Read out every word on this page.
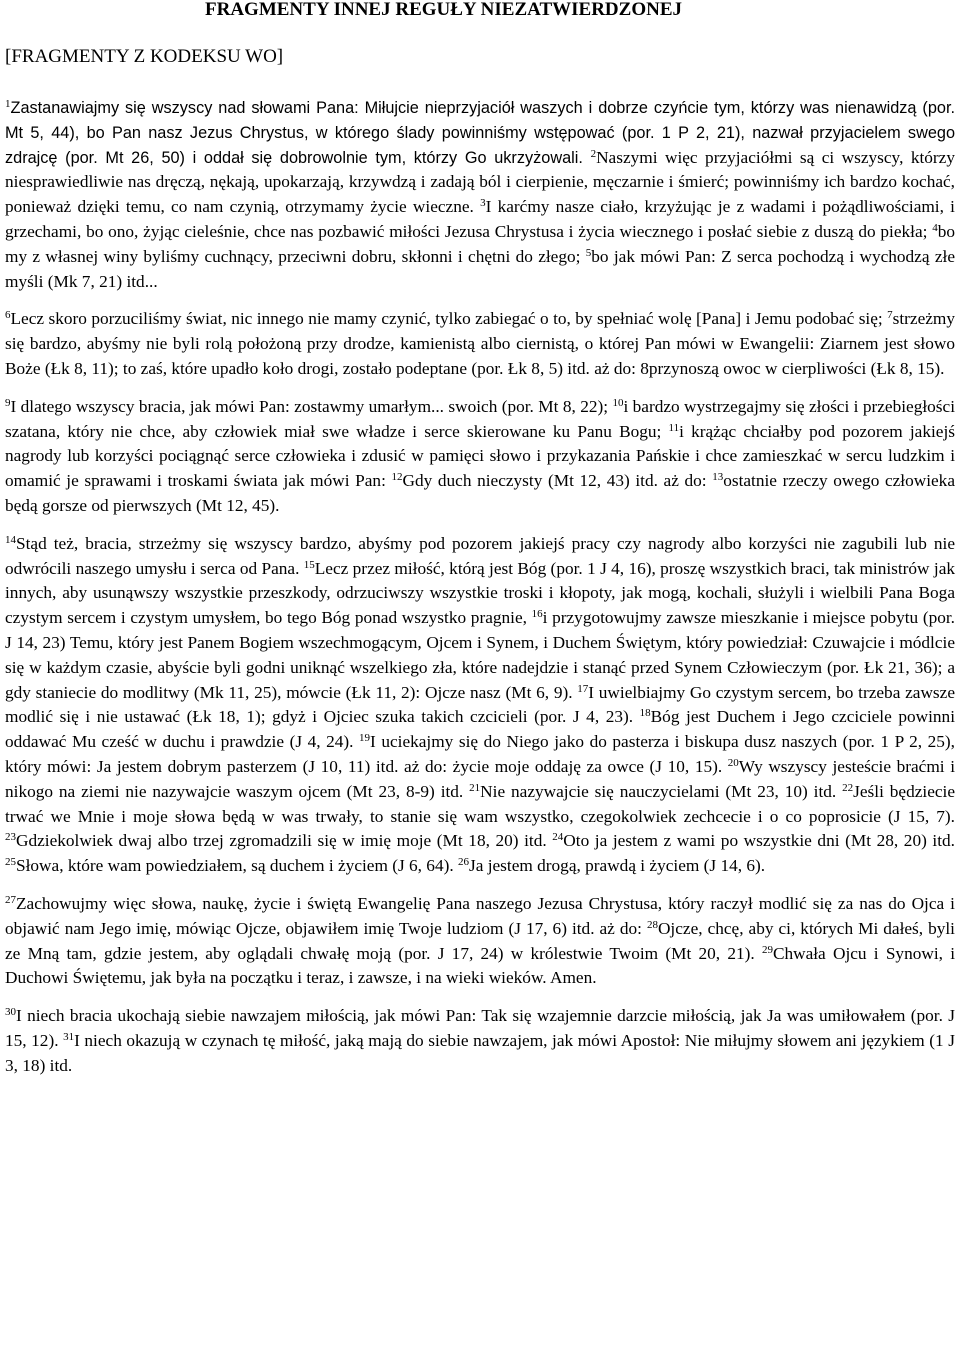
FRAGMENTY INNEJ REGUŁY NIEZATWIERDZONEJ
[FRAGMENTY Z KODEKSU WO]

$^1$Zastanawiajmy się wszyscy nad słowami Pana: Miłujcie nieprzyjaciół waszych i dobrze czyńcie tym, którzy was nienawidzą (por. Mt 5, 44), bo Pan nasz Jezus Chrystus, w którego ślady powinniśmy wstępować (por. 1 P 2, 21), nazwał przyjacielem swego zdrajcę (por. Mt 26, 50) i oddał się dobrowolnie tym, którzy Go ukrzyżowali. $^2$Naszymi więc przyjaciółmi są ci wszyscy, którzy niesprawiedliwie nas dręczą, nękają, upokarzają, krzywdzą i zadają ból i cierpienie, męczarnie i śmierć; powinniśmy ich bardzo kochać, ponieważ dzięki temu, co nam czynią, otrzymamy życie wieczne. $^3$I karćmy nasze ciało, krzyżując je z wadami i pożądliwościami, i grzechami, bo ono, żyjąc cieleśnie, chce nas pozbawić miłości Jezusa Chrystusa i życia wiecznego i posłać siebie z duszą do piekła; $^4$bo my z własnej winy byliśmy cuchnący, przeciwni dobru, skłonni i chętni do złego; $^5$bo jak mówi Pan: Z serca pochodzą i wychodzą złe myśli (Mk 7, 21) itd...

$^6$Lecz skoro porzuciliśmy świat, nic innego nie mamy czynić, tylko zabiegać o to, by spełniać wolę [Pana] i Jemu podobać się; $^7$strzeżmy się bardzo, abyśmy nie byli rolą położoną przy drodze, kamienistą albo ciernistą, o której Pan mówi w Ewangelii: Ziarnem jest słowo Boże (Łk 8, 11); to zaś, które upadło koło drogi, zostało podeptane (por. Łk 8, 5) itd. aż do: 8przynoszą owoc w cierpliwości (Łk 8, 15).

$^9$I dlatego wszyscy bracia, jak mówi Pan: zostawmy umarłym... swoich (por. Mt 8, 22); $^{10}$i bardzo wystrzegajmy się złości i przebiegłości szatana, który nie chce, aby człowiek miał swe władze i serce skierowane ku Panu Bogu; $^{11}$i krążąc chciałby pod pozorem jakiejś nagrody lub korzyści pociągnąć serce człowieka i zdusić w pamięci słowo i przykazania Pańskie i chce zamieszkać w sercu ludzkim i omamić je sprawami i troskami świata jak mówi Pan: $^{12}$Gdy duch nieczysty (Mt 12, 43) itd. aż do: $^{13}$ostatnie rzeczy owego człowieka będą gorsze od pierwszych (Mt 12, 45).

$^{14}$Stąd też, bracia, strzeżmy się wszyscy bardzo, abyśmy pod pozorem jakiejś pracy czy nagrody albo korzyści nie zagubili lub nie odwrócili naszego umysłu i serca od Pana. $^{15}$Lecz przez miłość, którą jest Bóg (por. 1 J 4, 16), proszę wszystkich braci, tak ministrów jak innych, aby usunąwszy wszystkie przeszkody, odrzuciwszy wszystkie troski i kłopoty, jak mogą, kochali, służyli i wielbili Pana Boga czystym sercem i czystym umysłem, bo tego Bóg ponad wszystko pragnie, $^{16}$i przygotowujmy zawsze mieszkanie i miejsce pobytu (por. J 14, 23) Temu, który jest Panem Bogiem wszechmogącym, Ojcem i Synem, i Duchem Świętym, który powiedział: Czuwajcie i módlcie się w każdym czasie, abyście byli godni uniknąć wszelkiego zła, które nadejdzie i stanąć przed Synem Człowieczym (por. Łk 21, 36); a gdy staniecie do modlitwy (Mk 11, 25), mówcie (Łk 11, 2): Ojcze nasz (Mt 6, 9). $^{17}$I uwielbiajmy Go czystym sercem, bo trzeba zawsze modlić się i nie ustawać (Łk 18, 1); gdyż i Ojciec szuka takich czcicieli (por. J 4, 23). $^{18}$Bóg jest Duchem i Jego czciciele powinni oddawać Mu cześć w duchu i prawdzie (J 4, 24). $^{19}$I uciekajmy się do Niego jako do pasterza i biskupa dusz naszych (por. 1 P 2, 25), który mówi: Ja jestem dobrym pasterzem (J 10, 11) itd. aż do: życie moje oddaję za owce (J 10, 15). $^{20}$Wy wszyscy jesteście braćmi i nikogo na ziemi nie nazywajcie waszym ojcem (Mt 23, 8-9) itd. $^{21}$Nie nazywajcie się nauczycielami (Mt 23, 10) itd. $^{22}$Jeśli będziecie trwać we Mnie i moje słowa będą w was trwały, to stanie się wam wszystko, czegokolwiek zechcecie i o co poprosicie (J 15, 7). $^{23}$Gdziekolwiek dwaj albo trzej zgromadzili się w imię moje (Mt 18, 20) itd. $^{24}$Oto ja jestem z wami po wszystkie dni (Mt 28, 20) itd. $^{25}$Słowa, które wam powiedziałem, są duchem i życiem (J 6, 64). $^{26}$Ja jestem drogą, prawdą i życiem (J 14, 6).

$^{27}$Zachowujmy więc słowa, naukę, życie i świętą Ewangelię Pana naszego Jezusa Chrystusa, który raczył modlić się za nas do Ojca i objawić nam Jego imię, mówiąc Ojcze, objawiłem imię Twoje ludziom (J 17, 6) itd. aż do: $^{28}$Ojcze, chcę, aby ci, których Mi dałeś, byli ze Mną tam, gdzie jestem, aby oglądali chwałę moją (por. J 17, 24) w królestwie Twoim (Mt 20, 21). $^{29}$Chwała Ojcu i Synowi, i Duchowi Świętemu, jak była na początku i teraz, i zawsze, i na wieki wieków. Amen.

$^{30}$I niech bracia ukochają siebie nawzajem miłością, jak mówi Pan: Tak się wzajemnie darzcie miłością, jak Ja was umiłowałem (por. J 15, 12). $^{31}$I niech okazują w czynach tę miłość, jaką mają do siebie nawzajem, jak mówi Apostoł: Nie miłujmy słowem ani językiem (1 J 3, 18) itd.
